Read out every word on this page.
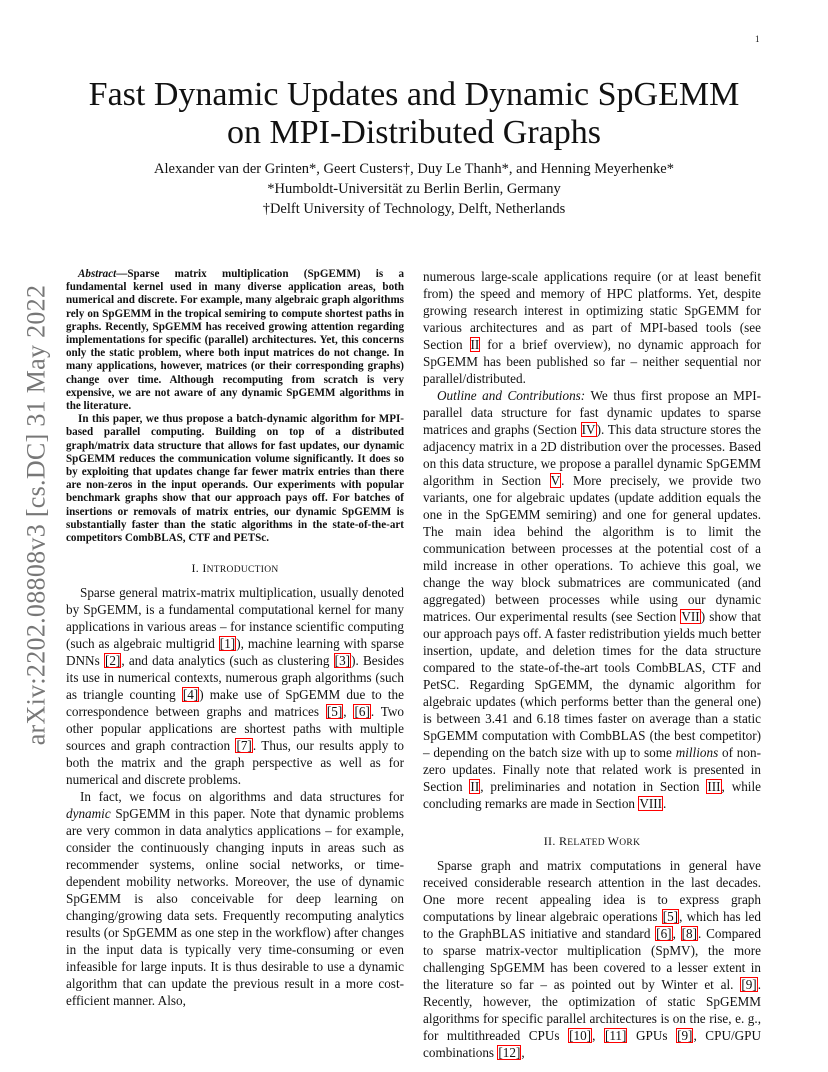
1
arXiv:2202.08808v3 [cs.DC] 31 May 2022
Fast Dynamic Updates and Dynamic SpGEMM
on MPI-Distributed Graphs
Alexander van der Grinten*, Geert Custers†, Duy Le Thanh*, and Henning Meyerhenke*
*Humboldt-Universität zu Berlin Berlin, Germany
†Delft University of Technology, Delft, Netherlands

Abstract—Sparse matrix multiplication (SpGEMM) is a fundamental kernel used in many diverse application areas, both numerical and discrete. For example, many algebraic graph algorithms rely on SpGEMM in the tropical semiring to compute shortest paths in graphs. Recently, SpGEMM has received growing attention regarding implementations for specific (parallel) architectures. Yet, this concerns only the static problem, where both input matrices do not change. In many applications, however, matrices (or their corresponding graphs) change over time. Although recomputing from scratch is very expensive, we are not aware of any dynamic SpGEMM algorithms in the literature.

In this paper, we thus propose a batch-dynamic algorithm for MPI-based parallel computing. Building on top of a distributed graph/matrix data structure that allows for fast updates, our dynamic SpGEMM reduces the communication volume significantly. It does so by exploiting that updates change far fewer matrix entries than there are non-zeros in the input operands. Our experiments with popular benchmark graphs show that our approach pays off. For batches of insertions or removals of matrix entries, our dynamic SpGEMM is substantially faster than the static algorithms in the state-of-the-art competitors CombBLAS, CTF and PETSc.

I. INTRODUCTION

Sparse general matrix-matrix multiplication, usually denoted by SpGEMM, is a fundamental computational kernel for many applications in various areas – for instance scientific computing (such as algebraic multigrid [1]), machine learning with sparse DNNs [2], and data analytics (such as clustering [3]). Besides its use in numerical contexts, numerous graph algorithms (such as triangle counting [4]) make use of SpGEMM due to the correspondence between graphs and matrices [5], [6]. Two other popular applications are shortest paths with multiple sources and graph contraction [7]. Thus, our results apply to both the matrix and the graph perspective as well as for numerical and discrete problems.

In fact, we focus on algorithms and data structures for dynamic SpGEMM in this paper. Note that dynamic problems are very common in data analytics applications – for example, consider the continuously changing inputs in areas such as recommender systems, online social networks, or time-dependent mobility networks. Moreover, the use of dynamic SpGEMM is also conceivable for deep learning on changing/growing data sets. Frequently recomputing analytics results (or SpGEMM as one step in the workflow) after changes in the input data is typically very time-consuming or even infeasible for large inputs. It is thus desirable to use a dynamic algorithm that can update the previous result in a more cost-efficient manner. Also,

numerous large-scale applications require (or at least benefit from) the speed and memory of HPC platforms. Yet, despite growing research interest in optimizing static SpGEMM for various architectures and as part of MPI-based tools (see Section II for a brief overview), no dynamic approach for SpGEMM has been published so far – neither sequential nor parallel/distributed.

Outline and Contributions: We thus first propose an MPI-parallel data structure for fast dynamic updates to sparse matrices and graphs (Section IV). This data structure stores the adjacency matrix in a 2D distribution over the processes. Based on this data structure, we propose a parallel dynamic SpGEMM algorithm in Section V. More precisely, we provide two variants, one for algebraic updates (update addition equals the one in the SpGEMM semiring) and one for general updates. The main idea behind the algorithm is to limit the communication between processes at the potential cost of a mild increase in other operations. To achieve this goal, we change the way block submatrices are communicated (and aggregated) between processes while using our dynamic matrices. Our experimental results (see Section VII) show that our approach pays off. A faster redistribution yields much better insertion, update, and deletion times for the data structure compared to the state-of-the-art tools CombBLAS, CTF and PetSC. Regarding SpGEMM, the dynamic algorithm for algebraic updates (which performs better than the general one) is between 3.41 and 6.18 times faster on average than a static SpGEMM computation with CombBLAS (the best competitor) – depending on the batch size with up to some millions of non-zero updates. Finally note that related work is presented in Section II, preliminaries and notation in Section III, while concluding remarks are made in Section VIII.

II. RELATED WORK

Sparse graph and matrix computations in general have received considerable research attention in the last decades. One more recent appealing idea is to express graph computations by linear algebraic operations [5], which has led to the GraphBLAS initiative and standard [6], [8]. Compared to sparse matrix-vector multiplication (SpMV), the more challenging SpGEMM has been covered to a lesser extent in the literature so far – as pointed out by Winter et al. [9]. Recently, however, the optimization of static SpGEMM algorithms for specific parallel architectures is on the rise, e. g., for multithreaded CPUs [10], [11] GPUs [9], CPU/GPU combinations [12],
